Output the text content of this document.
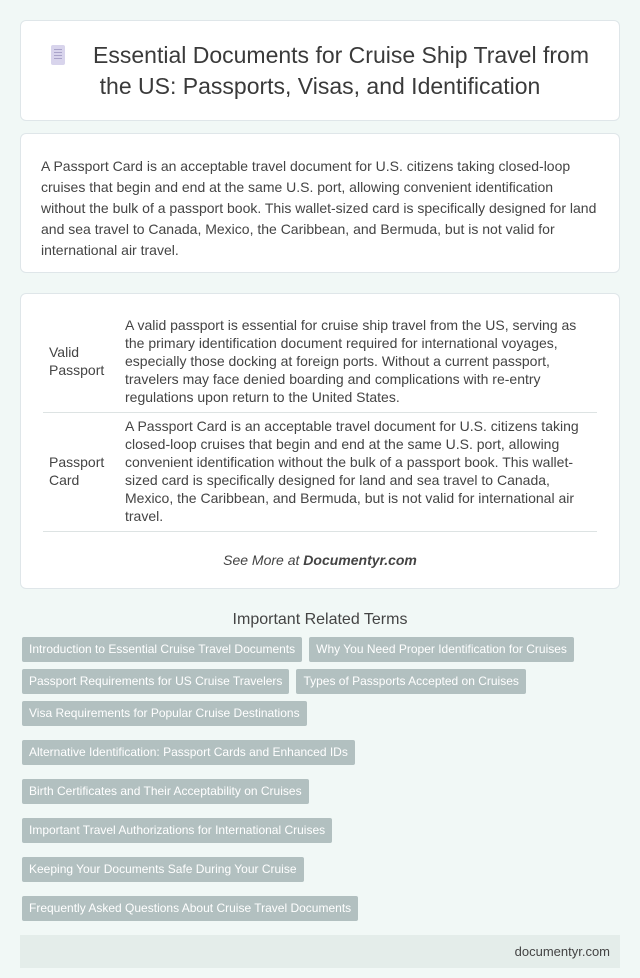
Essential Documents for Cruise Ship Travel from the US: Passports, Visas, and Identification
A Passport Card is an acceptable travel document for U.S. citizens taking closed-loop cruises that begin and end at the same U.S. port, allowing convenient identification without the bulk of a passport book. This wallet-sized card is specifically designed for land and sea travel to Canada, Mexico, the Caribbean, and Bermuda, but is not valid for international air travel.
Valid Passport	A valid passport is essential for cruise ship travel from the US, serving as the primary identification document required for international voyages, especially those docking at foreign ports. Without a current passport, travelers may face denied boarding and complications with re-entry regulations upon return to the United States.
Passport Card	A Passport Card is an acceptable travel document for U.S. citizens taking closed-loop cruises that begin and end at the same U.S. port, allowing convenient identification without the bulk of a passport book. This wallet-sized card is specifically designed for land and sea travel to Canada, Mexico, the Caribbean, and Bermuda, but is not valid for international air travel.
See More at Documentyr.com
Important Related Terms
Introduction to Essential Cruise Travel Documents	Why You Need Proper Identification for Cruises
Passport Requirements for US Cruise Travelers	Types of Passports Accepted on Cruises
Visa Requirements for Popular Cruise Destinations
Alternative Identification: Passport Cards and Enhanced IDs
Birth Certificates and Their Acceptability on Cruises
Important Travel Authorizations for International Cruises
Keeping Your Documents Safe During Your Cruise
Frequently Asked Questions About Cruise Travel Documents
documentyr.com
